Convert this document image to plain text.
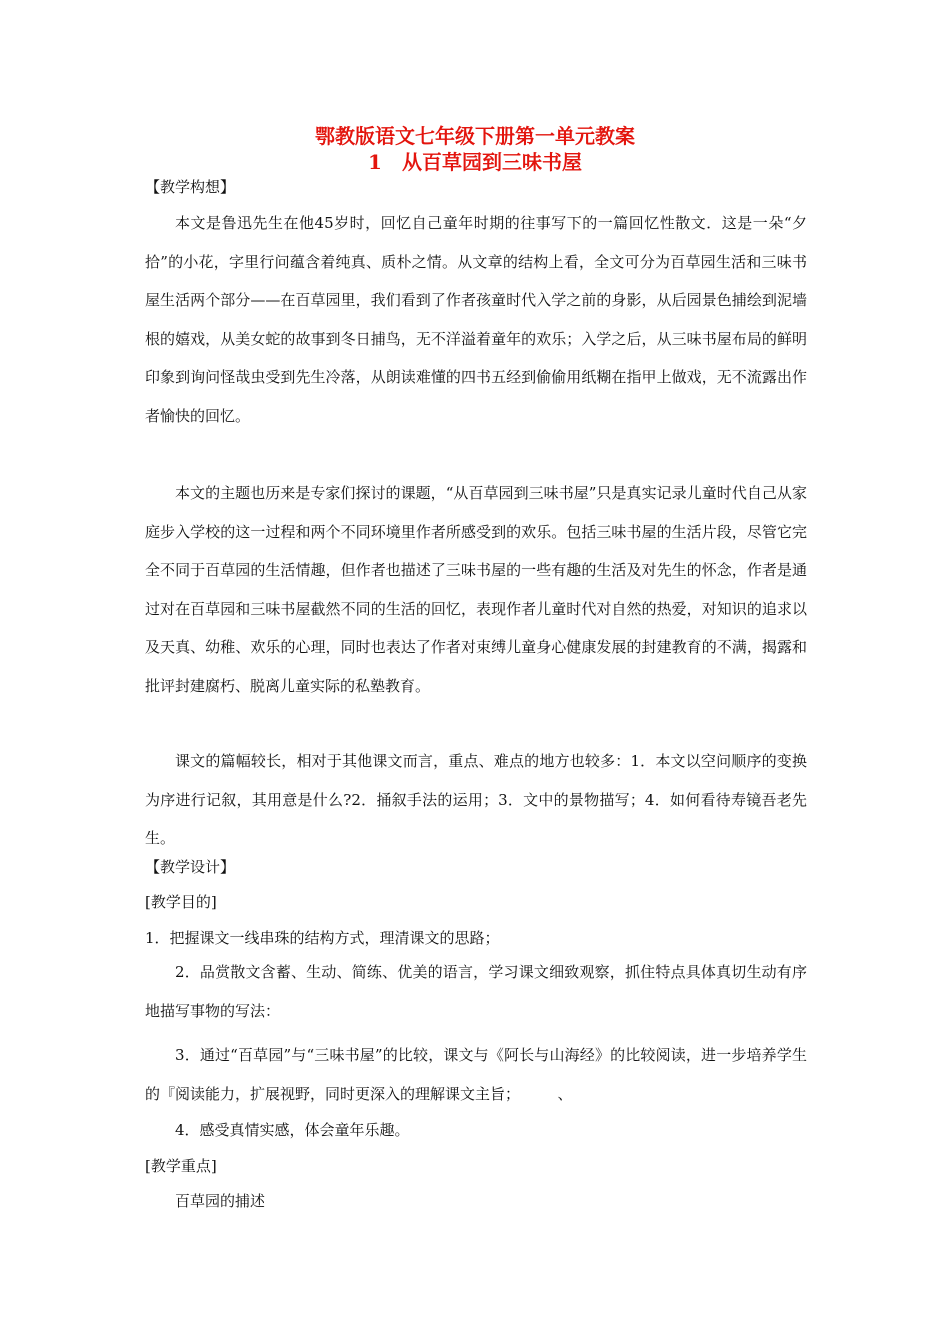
鄂教版语文七年级下册第一单元教案
1　从百草园到三味书屋
【教学构想】

本文是鲁迅先生在他45岁时，回忆自己童年时期的往事写下的一篇回忆性散文．这是一朵“夕拾”的小花，字里行问蕴含着纯真、质朴之情。从文章的结构上看，全文可分为百草园生活和三味书屋生活两个部分——在百草园里，我们看到了作者孩童时代入学之前的身影，从后园景色捕绘到泥墙根的嬉戏，从美女蛇的故事到冬日捕鸟，无不洋溢着童年的欢乐；入学之后，从三味书屋布局的鲜明印象到询问怪哉虫受到先生冷落，从朗读难懂的四书五经到偷偷用纸糊在指甲上做戏，无不流露出作者愉快的回忆。

本文的主题也历来是专家们探讨的课题，“从百草园到三味书屋”只是真实记录儿童时代自己从家庭步入学校的这一过程和两个不同环境里作者所感受到的欢乐。包括三味书屋的生活片段，尽管它完全不同于百草园的生活情趣，但作者也描述了三味书屋的一些有趣的生活及对先生的怀念，作者是通过对在百草园和三味书屋截然不同的生活的回忆，表现作者儿童时代对自然的热爱，对知识的追求以及天真、幼稚、欢乐的心理，同时也表达了作者对束缚儿童身心健康发展的封建教育的不满，揭露和批评封建腐朽、脱离儿童实际的私塾教育。

课文的篇幅较长，相对于其他课文而言，重点、难点的地方也较多：1．本文以空问顺序的变换为序进行记叙，其用意是什么?2．捅叙手法的运用；3．文中的景物描写；4．如何看待寿镜吾老先生。

【教学设计】
[教学目的]
1．把握课文一线串珠的结构方式，理清课文的思路；

2．品赏散文含蓄、生动、简练、优美的语言，学习课文细致观察，抓住特点具体真切生动有序地描写事物的写法：

3．通过“百草园”与“三味书屋”的比较，课文与《阿长与山海经》的比较阅读，进一步培养学生的『阅读能力，扩展视野，同时更深入的理解课文主旨；　　　、

4．感受真情实感，体会童年乐趣。
[教学重点]
百草园的捕述
